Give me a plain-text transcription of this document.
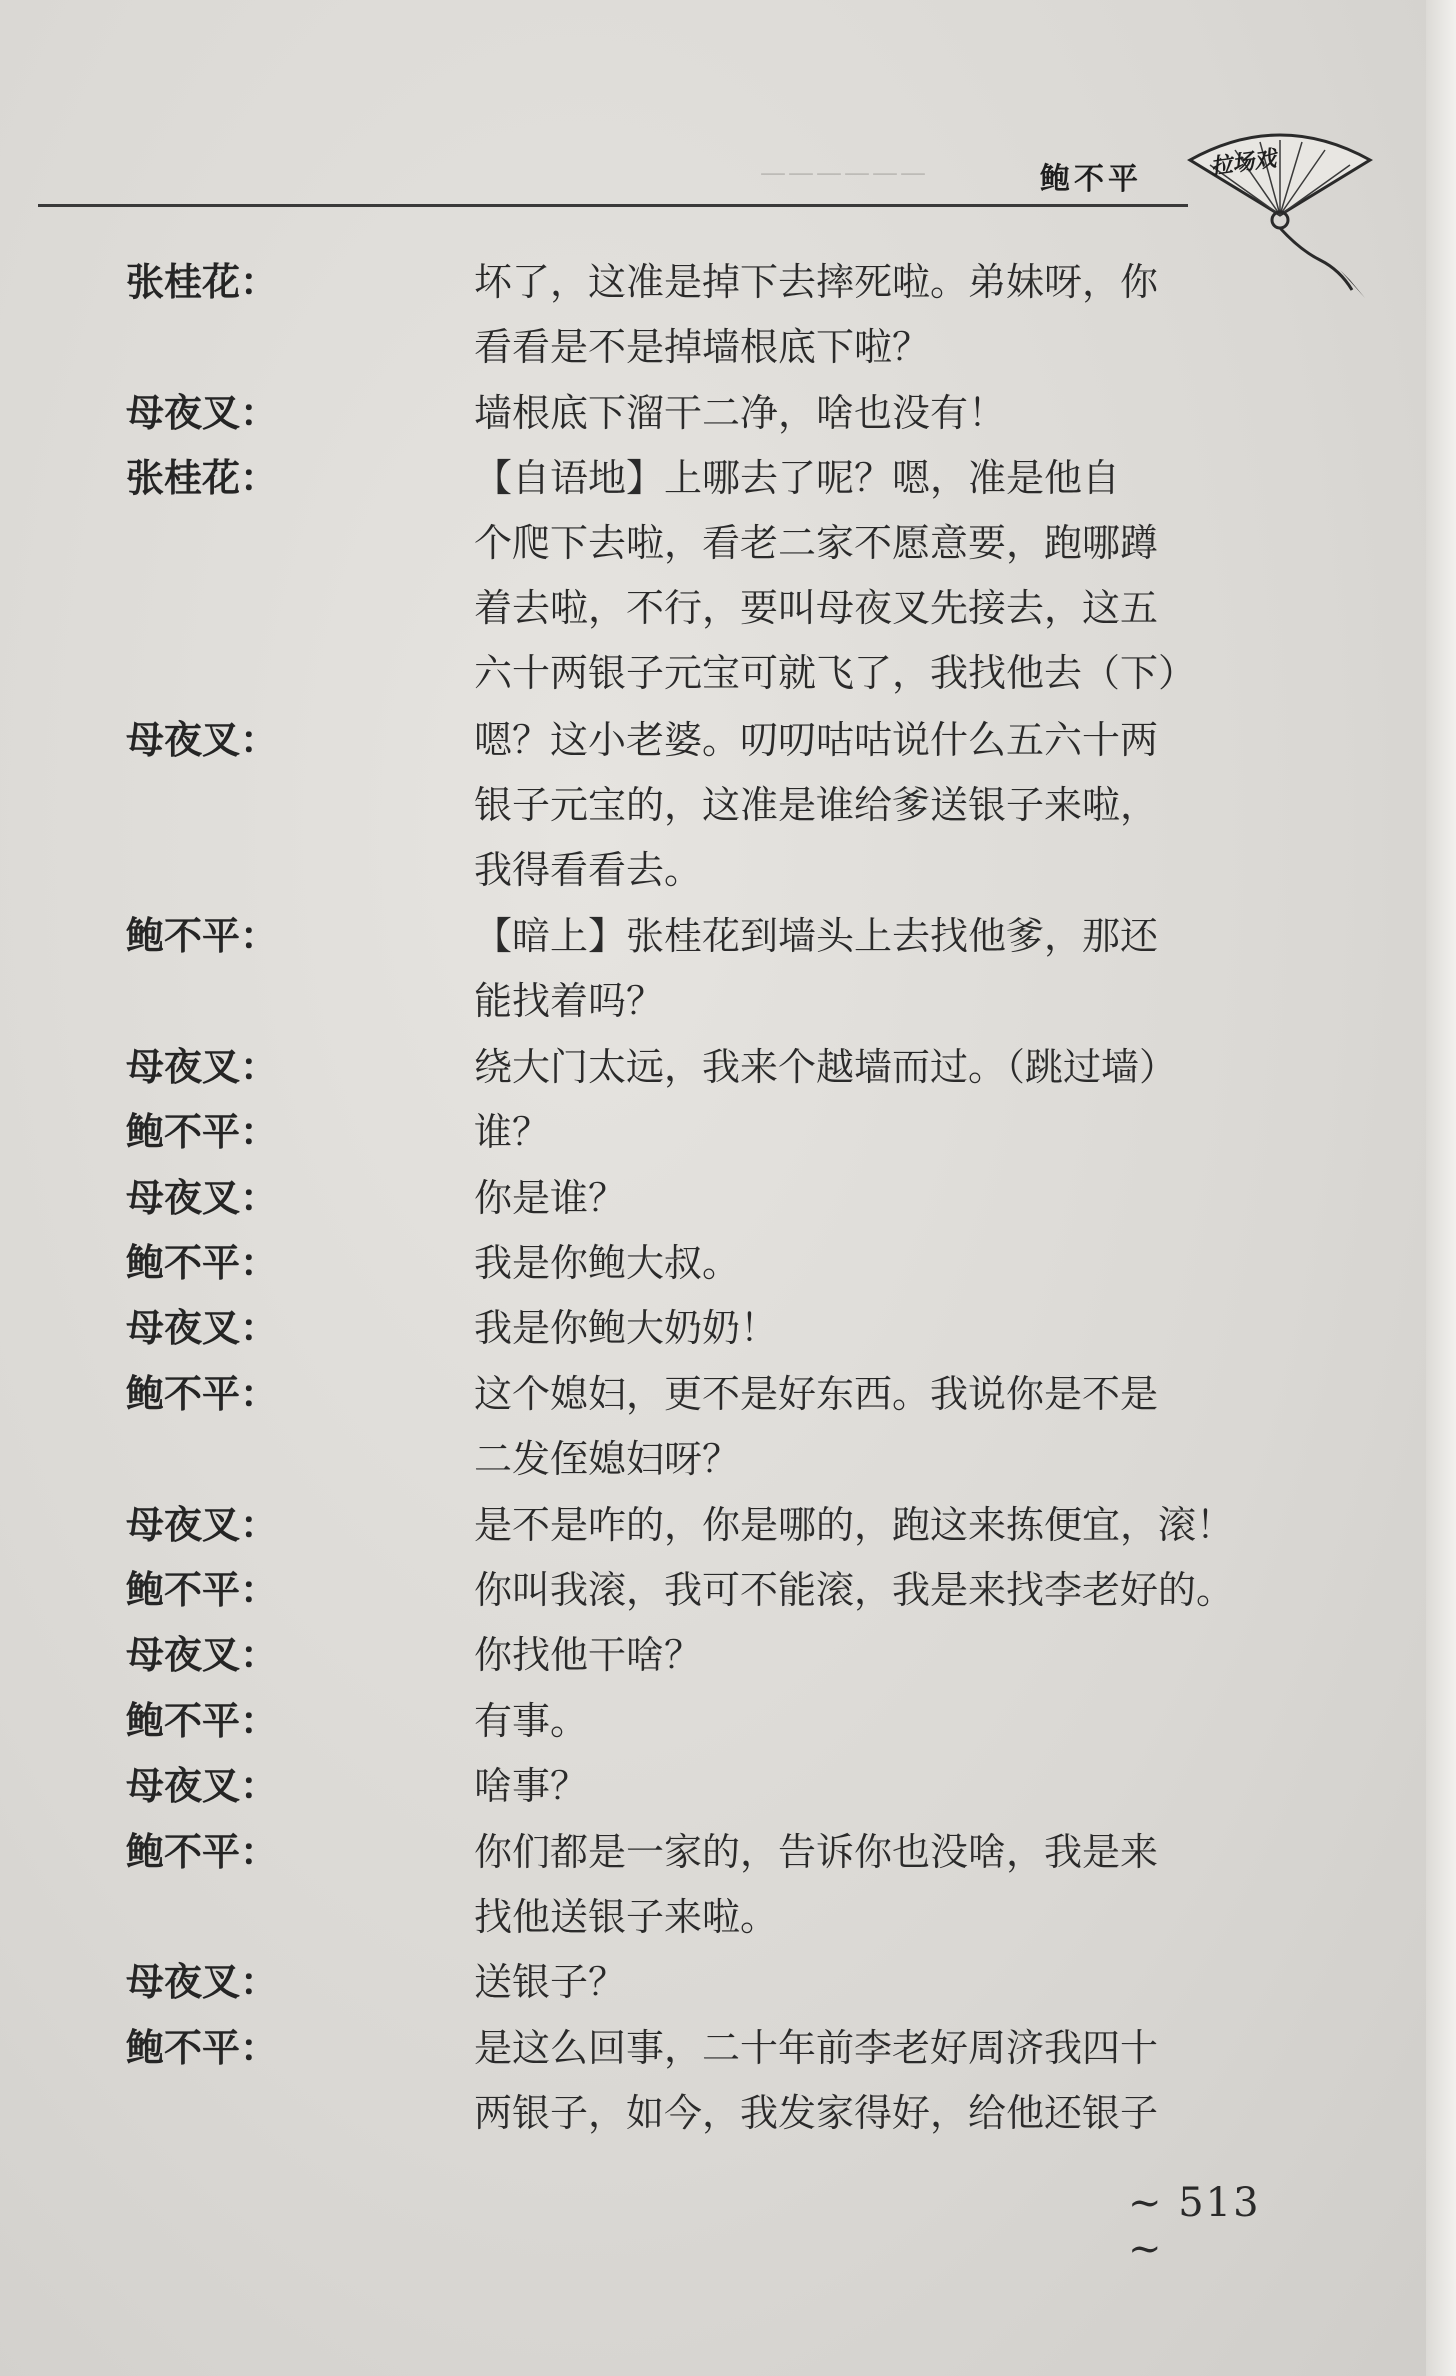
——————	鲍不平	拉场戏
张桂花：	坏了，这准是掉下去摔死啦。弟妹呀，你
看看是不是掉墙根底下啦？
母夜叉：	墙根底下溜干二净，啥也没有！
张桂花：	【自语地】上哪去了呢？嗯，准是他自
个爬下去啦，看老二家不愿意要，跑哪蹲
着去啦，不行，要叫母夜叉先接去，这五
六十两银子元宝可就飞了，我找他去（下）
母夜叉：	嗯？这小老婆。叨叨咕咕说什么五六十两
银子元宝的，这准是谁给爹送银子来啦，
我得看看去。
鲍不平：	【暗上】张桂花到墙头上去找他爹，那还
能找着吗？
母夜叉：	绕大门太远，我来个越墙而过。（跳过墙）
鲍不平：	谁？
母夜叉：	你是谁？
鲍不平：	我是你鲍大叔。
母夜叉：	我是你鲍大奶奶！
鲍不平：	这个媳妇，更不是好东西。我说你是不是
二发侄媳妇呀？
母夜叉：	是不是咋的，你是哪的，跑这来拣便宜，滚！
鲍不平：	你叫我滚，我可不能滚，我是来找李老好的。
母夜叉：	你找他干啥？
鲍不平：	有事。
母夜叉：	啥事？
鲍不平：	你们都是一家的，告诉你也没啥，我是来
找他送银子来啦。
母夜叉：	送银子？
鲍不平：	是这么回事，二十年前李老好周济我四十
两银子，如今，我发家得好，给他还银子
~ 513 ~
